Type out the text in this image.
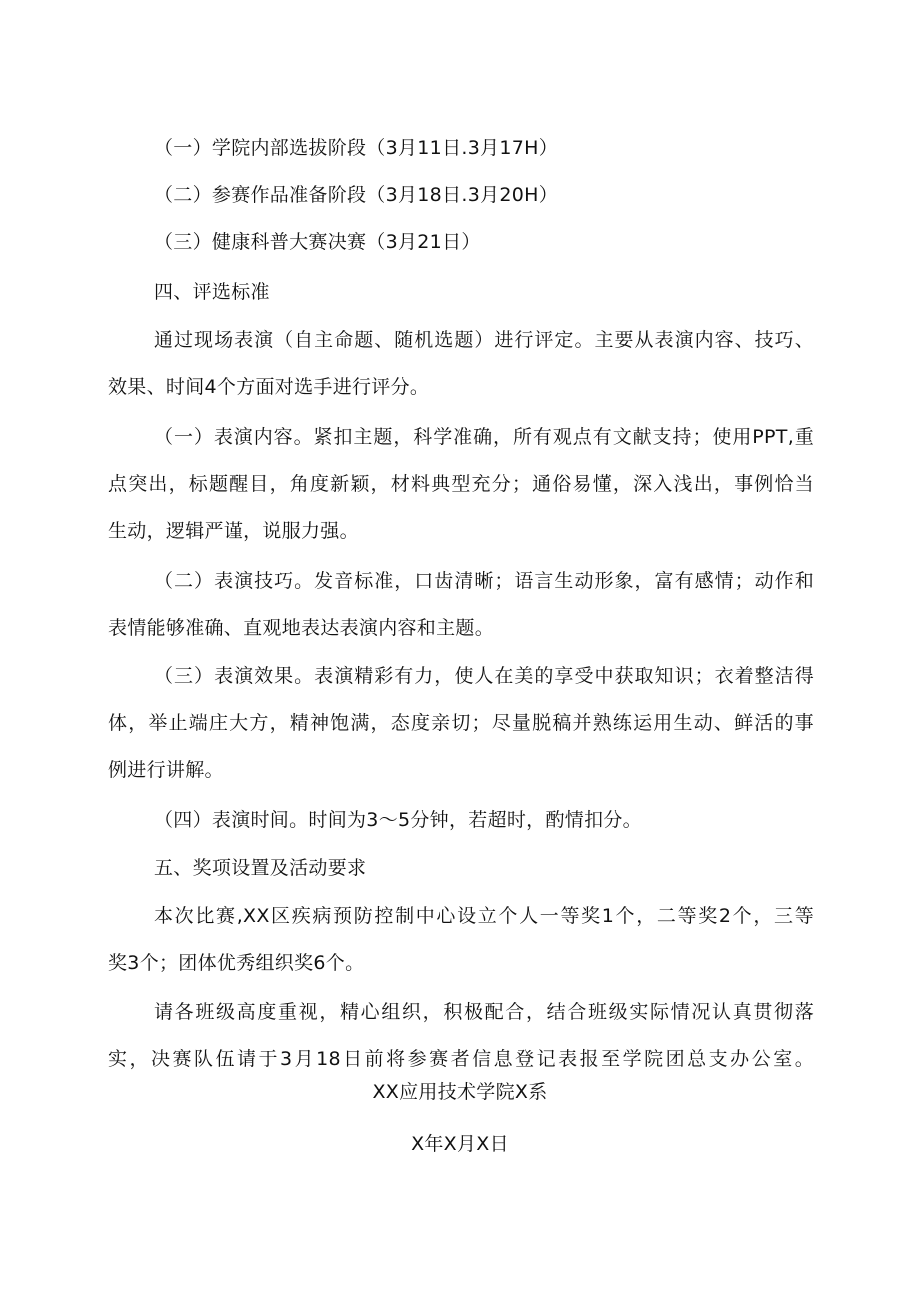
（一）学院内部选拔阶段（3月11日.3月17H）
（二）参赛作品准备阶段（3月18日.3月20H）
（三）健康科普大赛决赛（3月21日）
四、评选标准
通过现场表演（自主命题、随机选题）进行评定。主要从表演内容、技巧、
效果、时间4个方面对选手进行评分。
（一）表演内容。紧扣主题，科学准确，所有观点有文献支持；使用PPT,重
点突出，标题醒目，角度新颖，材料典型充分；通俗易懂，深入浅出，事例恰当
生动，逻辑严谨，说服力强。
（二）表演技巧。发音标准，口齿清晰；语言生动形象，富有感情；动作和
表情能够准确、直观地表达表演内容和主题。
（三）表演效果。表演精彩有力，使人在美的享受中获取知识；衣着整洁得
体，举止端庄大方，精神饱满，态度亲切；尽量脱稿并熟练运用生动、鲜活的事
例进行讲解。
（四）表演时间。时间为3〜5分钟，若超时，酌情扣分。
五、奖项设置及活动要求
本次比赛,XX区疾病预防控制中心设立个人一等奖1个，二等奖2个，三等
奖3个；团体优秀组织奖6个。
请各班级高度重视，精心组织，积极配合，结合班级实际情况认真贯彻落
实，决赛队伍请于3月18日前将参赛者信息登记表报至学院团总支办公室。
XX应用技术学院X系
X年X月X日
